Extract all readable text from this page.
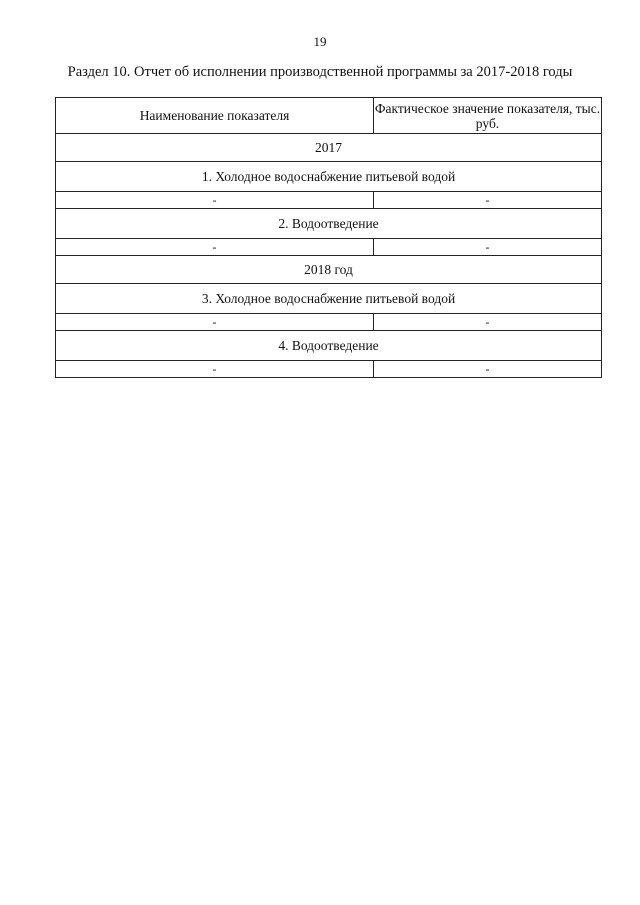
19
Раздел 10. Отчет об исполнении производственной программы за 2017-2018 годы
Наименование показателя	Фактическое значение показателя, тыс. руб.
2017	
1. Холодное водоснабжение питьевой водой	
-	-
2. Водоотведение	
-	-
2018 год	
3. Холодное водоснабжение питьевой водой	
-	-
4. Водоотведение	
-	-
